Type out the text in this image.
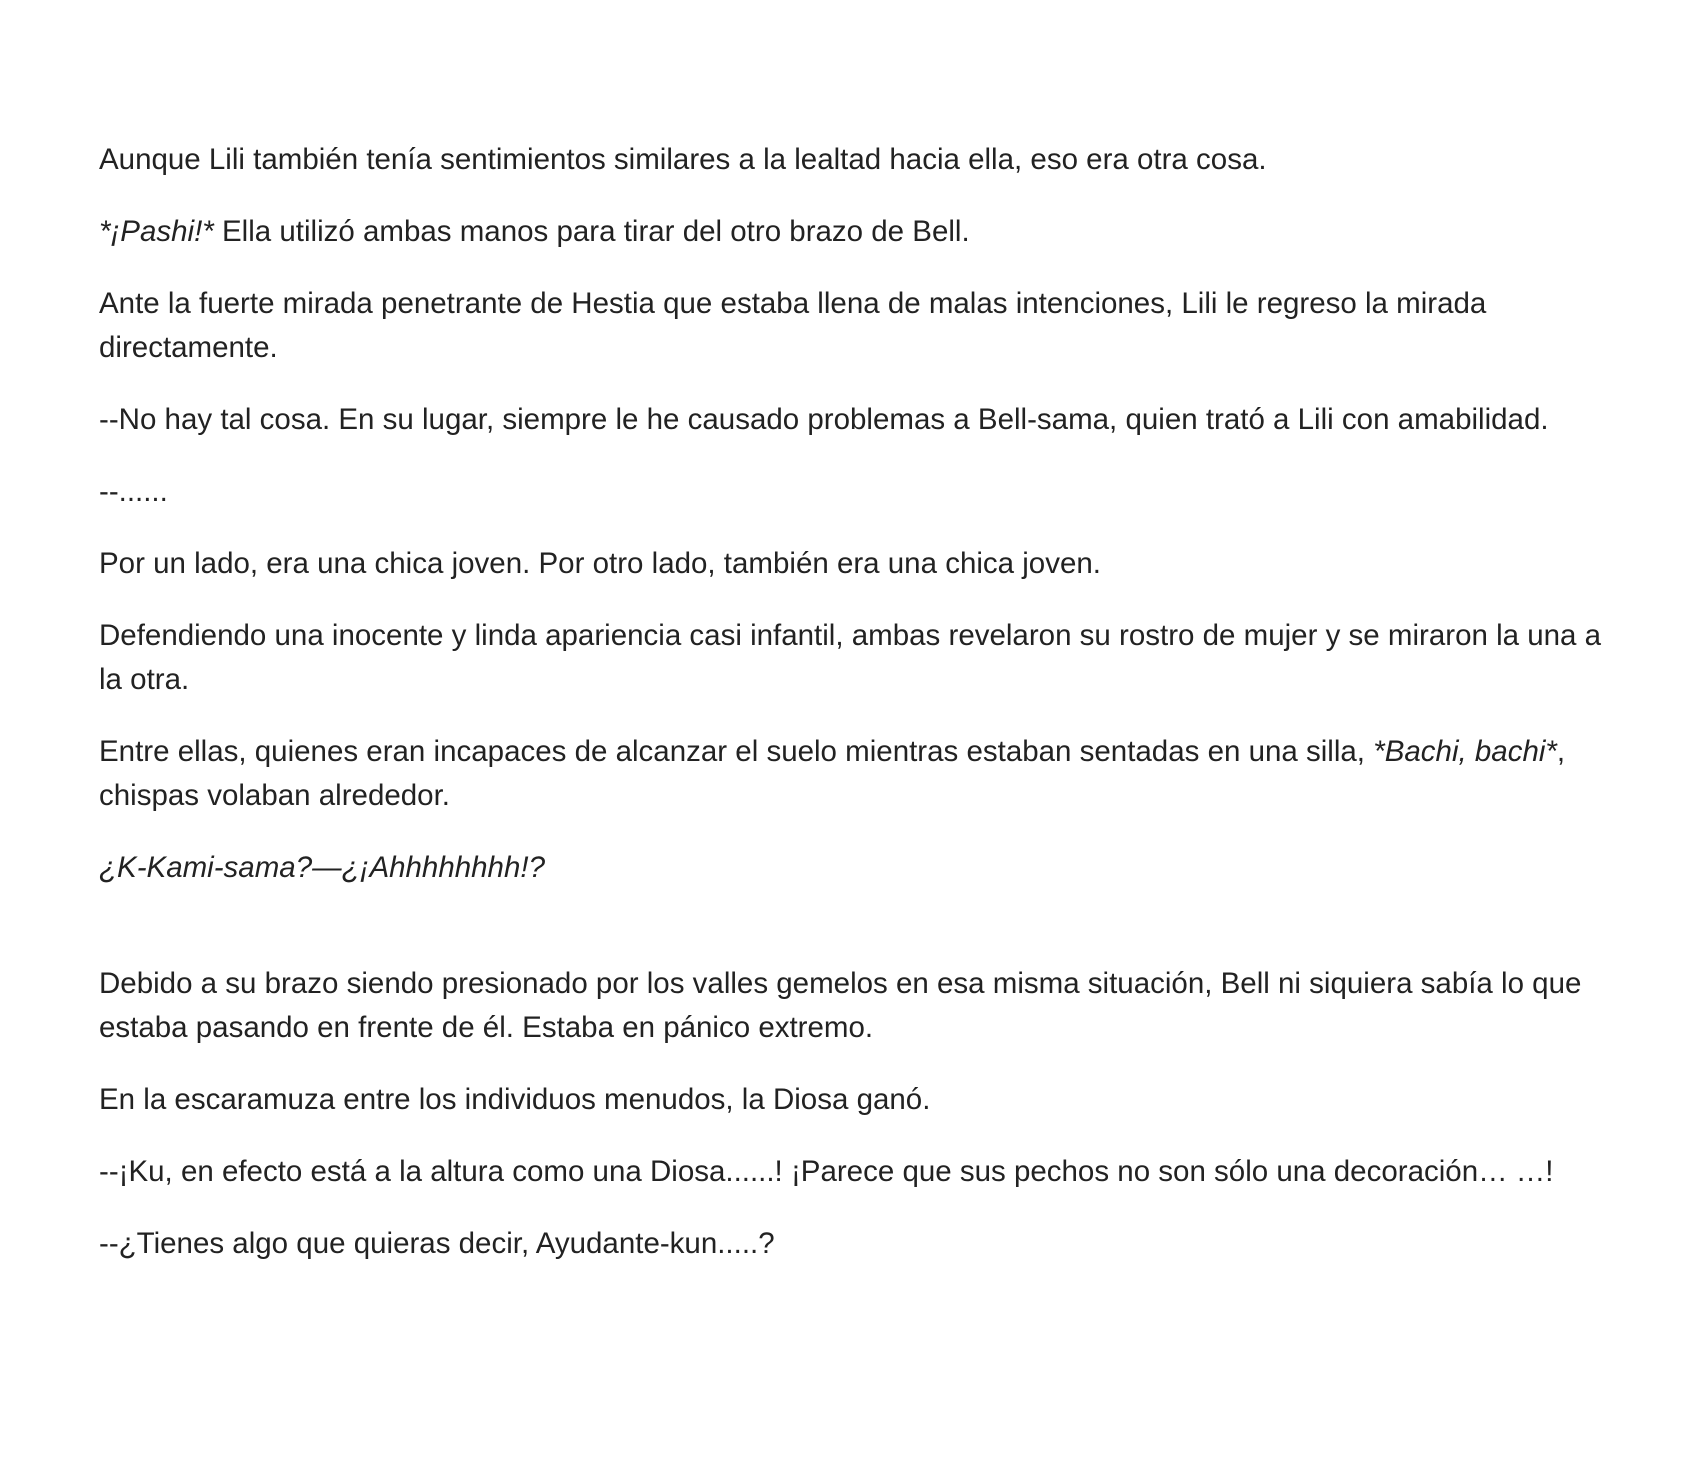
Aunque Lili también tenía sentimientos similares a la lealtad hacia ella, eso era otra cosa.

*¡Pashi!* Ella utilizó ambas manos para tirar del otro brazo de Bell.

Ante la fuerte mirada penetrante de Hestia que estaba llena de malas intenciones, Lili le regreso la mirada directamente.

--No hay tal cosa. En su lugar, siempre le he causado problemas a Bell-sama, quien trató a Lili con amabilidad.

--......

Por un lado, era una chica joven. Por otro lado, también era una chica joven.

Defendiendo una inocente y linda apariencia casi infantil, ambas revelaron su rostro de mujer y se miraron la una a la otra.

Entre ellas, quienes eran incapaces de alcanzar el suelo mientras estaban sentadas en una silla, *Bachi, bachi*, chispas volaban alrededor.

¿K-Kami-sama?—¿¡Ahhhhhhhh!?

Debido a su brazo siendo presionado por los valles gemelos en esa misma situación, Bell ni siquiera sabía lo que estaba pasando en frente de él. Estaba en pánico extremo.

En la escaramuza entre los individuos menudos, la Diosa ganó.

--¡Ku, en efecto está a la altura como una Diosa......! ¡Parece que sus pechos no son sólo una decoración… …!

--¿Tienes algo que quieras decir, Ayudante-kun.....?
